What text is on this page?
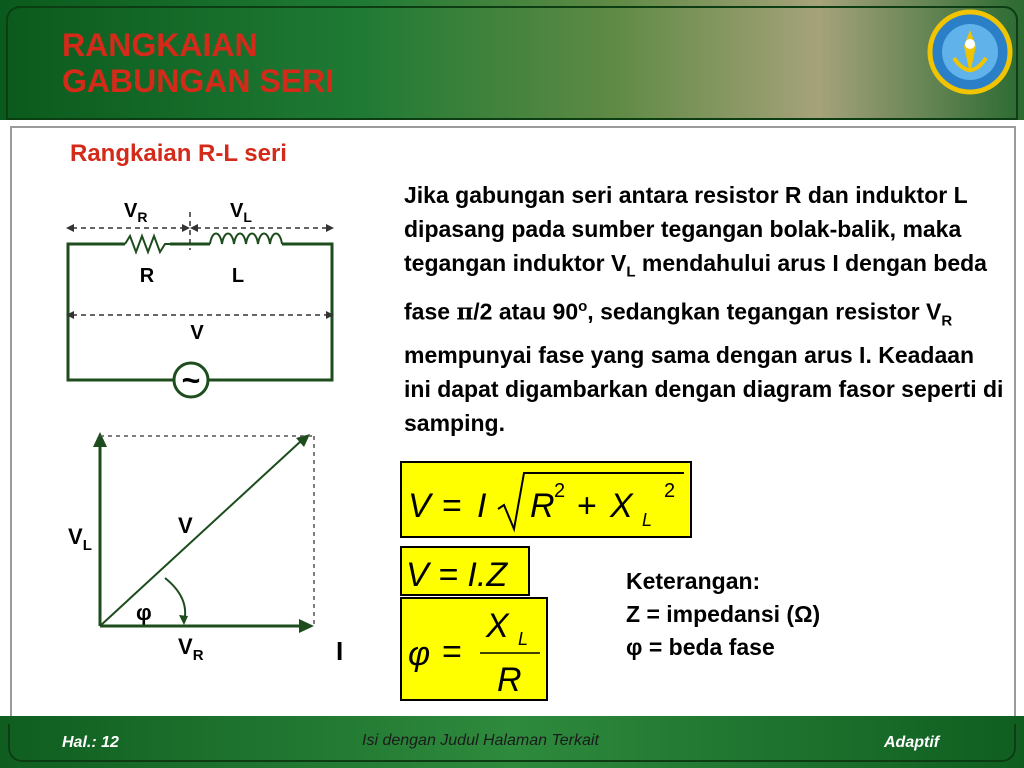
RANGKAIAN
GABUNGAN SERI
Rangkaian R-L seri
~
$V_R$	$V_L$
R	L
V
V
$V_L$
φ
$V_R$	I
Jika gabungan seri antara resistor R dan induktor L dipasang pada sumber tegangan bolak-balik, maka tegangan induktor $V_L$ mendahului arus I dengan beda fase π/2 atau 90$^o$, sedangkan tegangan resistor $V_R$ mempunyai fase yang sama dengan arus I. Keadaan ini dapat digambarkan dengan diagram fasor seperti di samping.
V = I R 2 + X L
2
V = I.Z
φ =
X L
R
Keterangan:
Z = impedansi (Ω)
φ = beda fase
Hal.: 12	Isi dengan Judul Halaman Terkait	Adaptif
